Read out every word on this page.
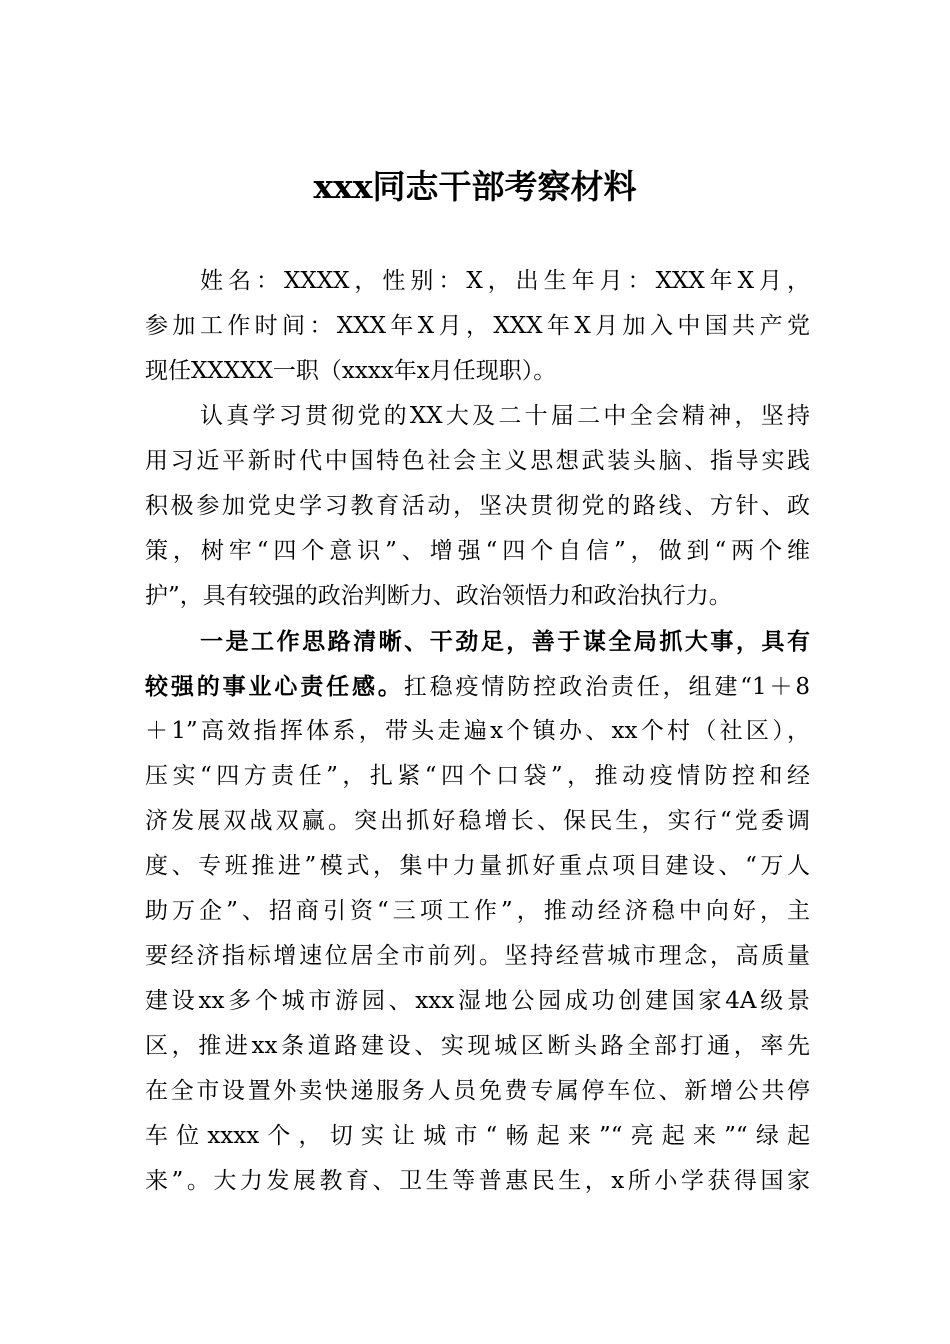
xxx同志干部考察材料
姓名：XXXX，性别：X，出生年月：XXX年X月，
参加工作时间：XXX年X月，XXX年X月加入中国共产党
现任XXXXX一职（xxxx年x月任现职）。
认真学习贯彻党的XX大及二十届二中全会精神，坚持
用习近平新时代中国特色社会主义思想武装头脑、指导实践
积极参加党史学习教育活动，坚决贯彻党的路线、方针、政
策，树牢“四个意识”、增强“四个自信”，做到“两个维
护”，具有较强的政治判断力、政治领悟力和政治执行力。
一是工作思路清晰、干劲足，善于谋全局抓大事，具有
较强的事业心责任感。扛稳疫情防控政治责任，组建“1＋8
＋1”高效指挥体系，带头走遍x个镇办、xx个村（社区），
压实“四方责任”，扎紧“四个口袋”，推动疫情防控和经
济发展双战双赢。突出抓好稳增长、保民生，实行“党委调
度、专班推进”模式，集中力量抓好重点项目建设、“万人
助万企”、招商引资“三项工作”，推动经济稳中向好，主
要经济指标增速位居全市前列。坚持经营城市理念，高质量
建设xx多个城市游园、xxx湿地公园成功创建国家4A级景
区，推进xx条道路建设、实现城区断头路全部打通，率先
在全市设置外卖快递服务人员免费专属停车位、新增公共停
车位xxxx个，切实让城市“畅起来”“亮起来”“绿起
来”。大力发展教育、卫生等普惠民生，x所小学获得国家
